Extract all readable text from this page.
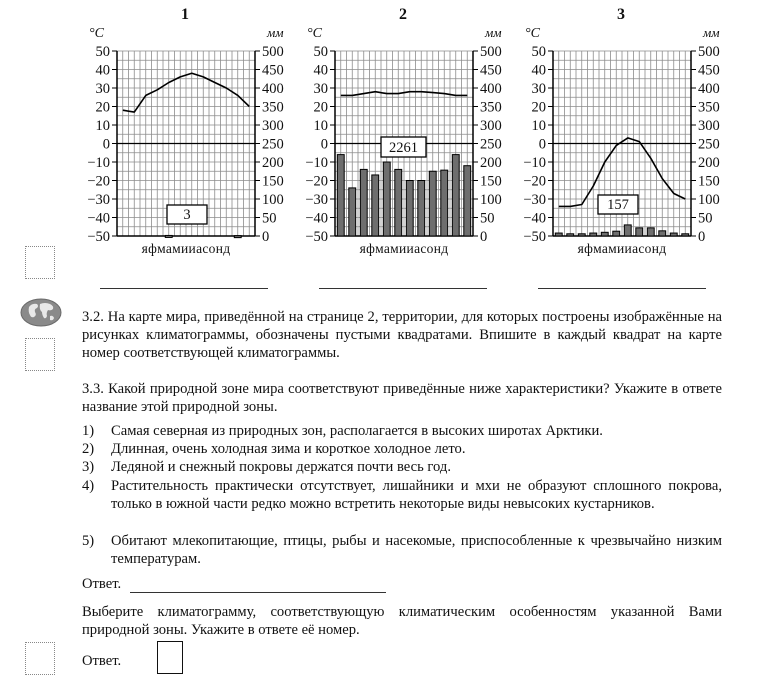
50
40
30
20
10
0
−10
−20
−30
−40
−50
500
450
400
350
300
250
200
150
100
50
0
°C	мм
яфмамииасонд
3
50
40
30
20
10
0
−10
−20
−30
−40
−50
500
450
400
350
300
250
200
150
100
50
0
°C	мм
яфмамииасонд
2261
50
40
30
20
10
0
−10
−20
−30
−40
−50
500
450
400
350
300
250
200
150
100
50
0
°C	мм
яфмамииасонд
157
1	2	3
3.2. На карте мира, приведённой на странице 2, территории, для которых построены изображённые на рисунках климатограммы, обозначены пустыми квадратами. Впишите в каждый квадрат на карте номер соответствующей климатограммы.
3.3. Какой природной зоне мира соответствуют приведённые ниже характеристики? Укажите в ответе название этой природной зоны.
1) Самая северная из природных зон, располагается в высоких широтах Арктики.
2) Длинная, очень холодная зима и короткое холодное лето.
3) Ледяной и снежный покровы держатся почти весь год.
4) Растительность практически отсутствует, лишайники и мхи не образуют сплошного покрова, только в южной части редко можно встретить некоторые виды невысоких кустарников.
5) Обитают млекопитающие, птицы, рыбы и насекомые, приспособленные к чрезвычайно низким температурам.
Ответ.
Выберите климатограмму, соответствующую климатическим особенностям указанной Вами природной зоны. Укажите в ответе её номер.
Ответ.
